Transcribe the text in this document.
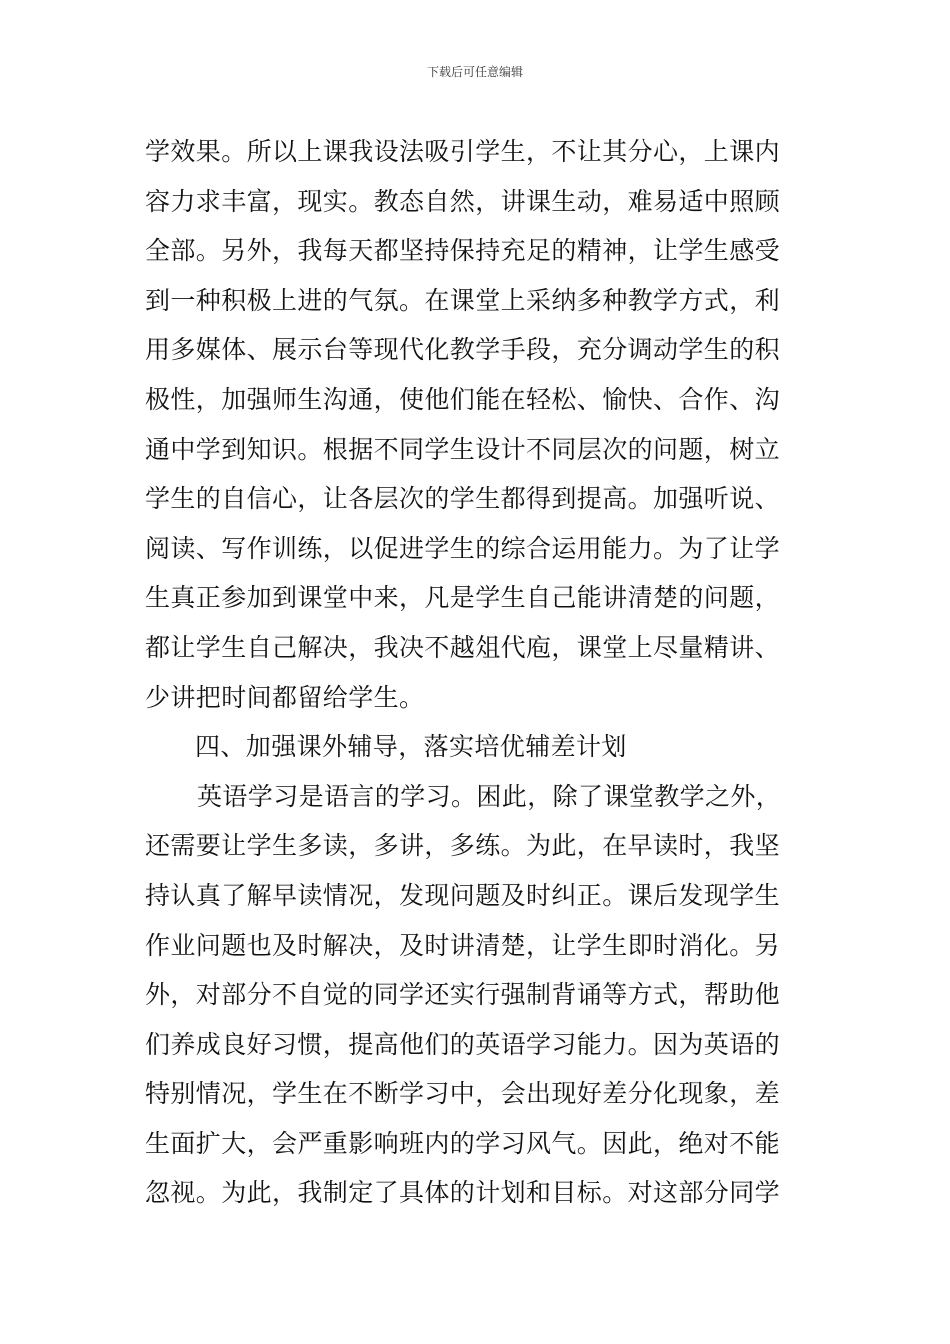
下载后可任意编辑
学效果。所以上课我设法吸引学生，不让其分心，上课内
容力求丰富，现实。教态自然，讲课生动，难易适中照顾
全部。另外，我每天都坚持保持充足的精神，让学生感受
到一种积极上进的气氛。在课堂上采纳多种教学方式，利
用多媒体、展示台等现代化教学手段，充分调动学生的积
极性，加强师生沟通，使他们能在轻松、愉快、合作、沟
通中学到知识。根据不同学生设计不同层次的问题，树立
学生的自信心，让各层次的学生都得到提高。加强听说、
阅读、写作训练，以促进学生的综合运用能力。为了让学
生真正参加到课堂中来，凡是学生自己能讲清楚的问题，
都让学生自己解决，我决不越俎代庖，课堂上尽量精讲、
少讲把时间都留给学生。
四、加强课外辅导，落实培优辅差计划
英语学习是语言的学习。困此，除了课堂教学之外，
还需要让学生多读，多讲，多练。为此，在早读时，我坚
持认真了解早读情况，发现问题及时纠正。课后发现学生
作业问题也及时解决，及时讲清楚，让学生即时消化。另
外，对部分不自觉的同学还实行强制背诵等方式，帮助他
们养成良好习惯，提高他们的英语学习能力。因为英语的
特别情况，学生在不断学习中，会出现好差分化现象，差
生面扩大，会严重影响班内的学习风气。因此，绝对不能
忽视。为此，我制定了具体的计划和目标。对这部分同学
